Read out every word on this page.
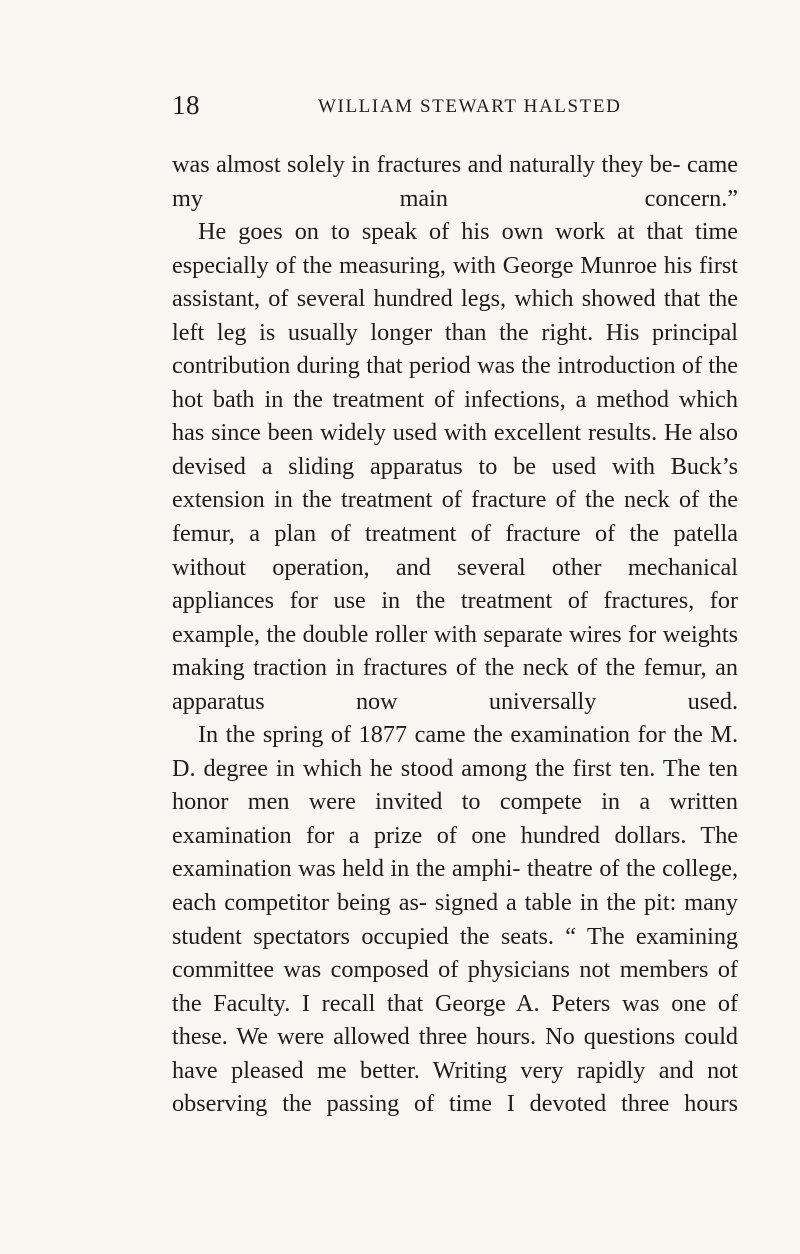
18	WILLIAM STEWART HALSTED

was almost solely in fractures and naturally they be- came my main concern.”

He goes on to speak of his own work at that time especially of the measuring, with George Munroe his first assistant, of several hundred legs, which showed that the left leg is usually longer than the right. His principal contribution during that period was the introduction of the hot bath in the treatment of infections, a method which has since been widely used with excellent results. He also devised a sliding apparatus to be used with Buck’s extension in the treatment of fracture of the neck of the femur, a plan of treatment of fracture of the patella without operation, and several other mechanical appliances for use in the treatment of fractures, for example, the double roller with separate wires for weights making traction in fractures of the neck of the femur, an apparatus now universally used.

In the spring of 1877 came the examination for the M. D. degree in which he stood among the first ten. The ten honor men were invited to compete in a written examination for a prize of one hundred dollars. The examination was held in the amphi- theatre of the college, each competitor being as- signed a table in the pit: many student spectators occupied the seats. “ The examining committee was composed of physicians not members of the Faculty. I recall that George A. Peters was one of these. We were allowed three hours. No questions could have pleased me better. Writing very rapidly and not observing the passing of time I devoted three hours
